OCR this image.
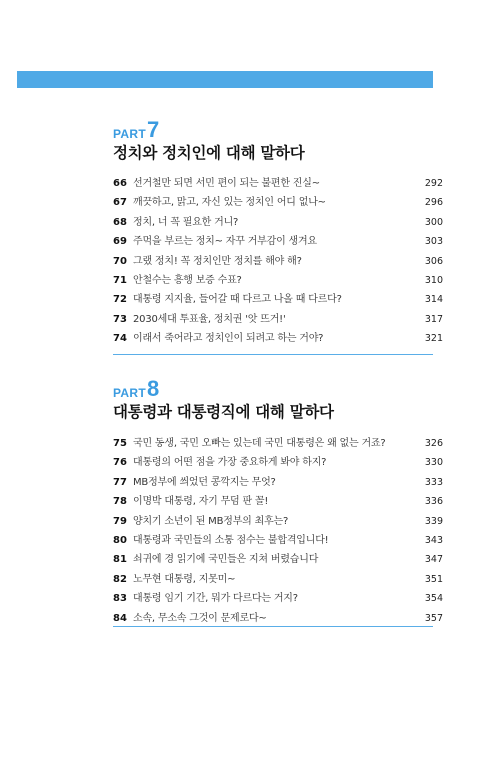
PART 7
정치와 정치인에 대해 말하다
66 선거철만 되면 서민 편이 되는 불편한 진실~	292
67 깨끗하고, 맑고, 자신 있는 정치인 어디 없나~	296
68 정치, 너 꼭 필요한 거니?	300
69 주먹을 부르는 정치~ 자꾸 거부감이 생겨요	303
70 그랬 정치! 꼭 정치인만 정치를 해야 해?	306
71 안철수는 흥행 보증 수표?	310
72 대통령 지지율, 들어갈 때 다르고 나올 때 다르다?	314
73 2030세대 투표율, 정치권 '앗 뜨거!'	317
74 이래서 죽어라고 정치인이 되려고 하는 거야?	321
PART 8
대통령과 대통령직에 대해 말하다
75 국민 동생, 국민 오빠는 있는데 국민 대통령은 왜 없는 거죠?	326
76 대통령의 어떤 점을 가장 중요하게 봐야 하지?	330
77 MB정부에 씌었던 콩깍지는 무엇?	333
78 이명박 대통령, 자기 무덤 판 꼴!	336
79 양치기 소년이 된 MB정부의 최후는?	339
80 대통령과 국민들의 소통 점수는 불합격입니다!	343
81 쇠귀에 경 읽기에 국민들은 지쳐 버렸습니다	347
82 노무현 대통령, 지못미~	351
83 대통령 임기 기간, 뭐가 다르다는 거지?	354
84 소속, 무소속 그것이 문제로다~	357
